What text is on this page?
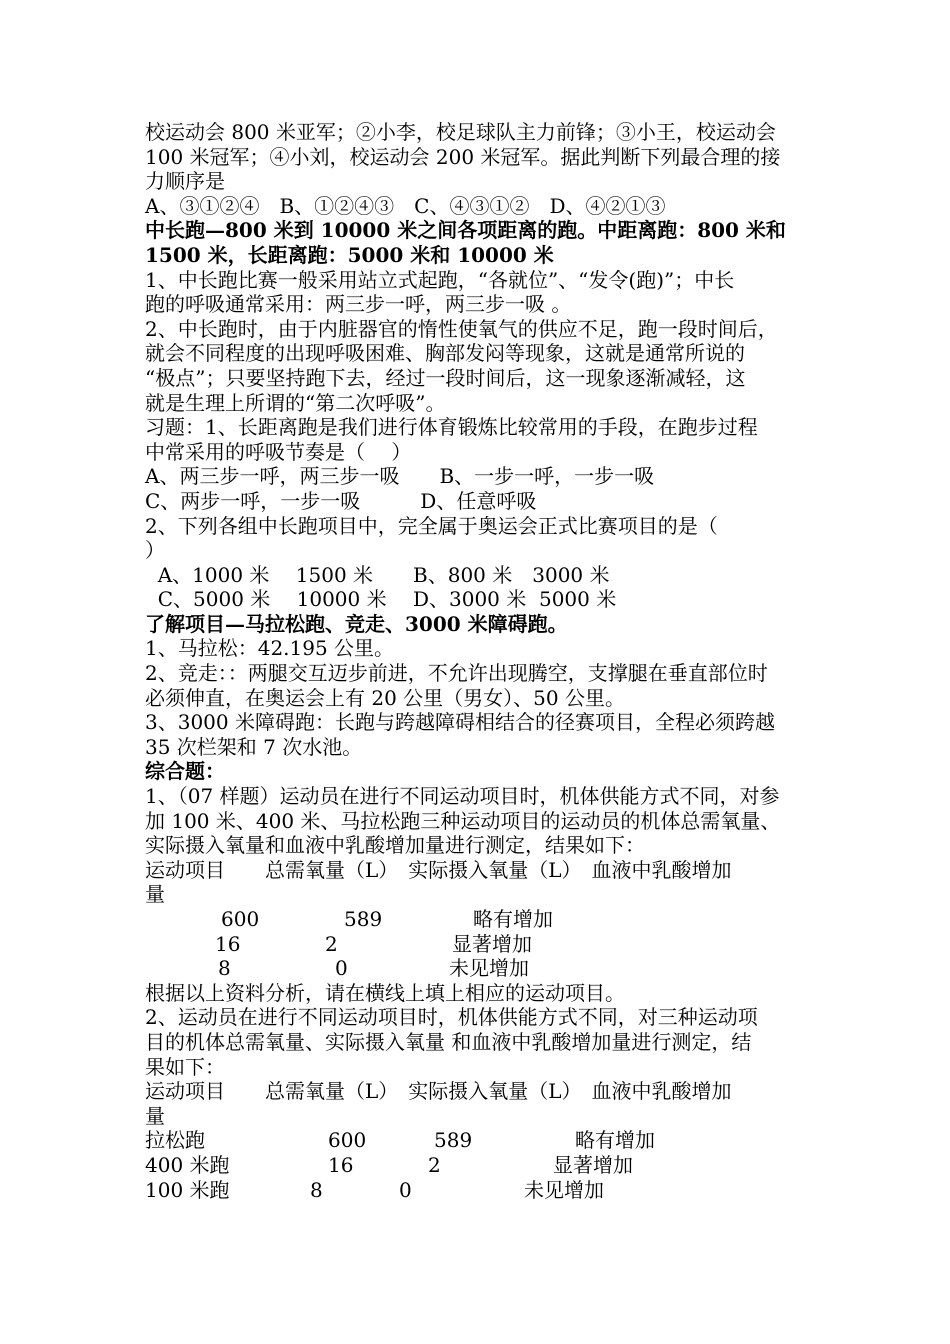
校运动会 800 米亚军；②小李，校足球队主力前锋；③小王，校运动会

100 米冠军；④小刘，校运动会 200 米冠军。据此判断下列最合理的接

力顺序是

A、③①②④　B、①②④③　C、④③①②　D、④②①③

中长跑—800 米到 10000 米之间各项距离的跑。中距离跑：800 米和

1500 米，长距离跑：5000 米和 10000 米

1、中长跑比赛一般采用站立式起跑，“各就位”、“发令(跑)”；中长

跑的呼吸通常采用：两三步一呼，两三步一吸 。

2、中长跑时，由于内脏器官的惰性使氧气的供应不足，跑一段时间后，

就会不同程度的出现呼吸困难、胸部发闷等现象，这就是通常所说的

“极点”；只要坚持跑下去，经过一段时间后，这一现象逐渐减轻，这

就是生理上所谓的“第二次呼吸”。

习题：1、长距离跑是我们进行体育锻炼比较常用的手段，在跑步过程

中常采用的呼吸节奏是（　 ）

A、两三步一呼，两三步一吸　　B、一步一呼，一步一吸

C、两步一呼，一步一吸　　　D、任意呼吸

2、下列各组中长跑项目中，完全属于奥运会正式比赛项目的是（

）

A、1000 米　 1500 米　　B、800 米　3000 米

C、5000 米　 10000 米　 D、3000 米  5000 米

了解项目—马拉松跑、竞走、3000 米障碍跑。

1、马拉松：42.195 公里。

2、竞走：：两腿交互迈步前进，不允许出现腾空，支撑腿在垂直部位时

必须伸直，在奥运会上有 20 公里（男女）、50 公里。

3、3000 米障碍跑：长跑与跨越障碍相结合的径赛项目，全程必须跨越

35 次栏架和 7 次水池。

综合题：

1、（07 样题）运动员在进行不同运动项目时，机体供能方式不同，对参

加 100 米、400 米、马拉松跑三种运动项目的运动员的机体总需氧量、

实际摄入氧量和血液中乳酸增加量进行测定，结果如下：

运动项目　　总需氧量（L）　实际摄入氧量（L）　血液中乳酸增加

量

600	589	略有增加
16	2	显著增加
8	0	未见增加

根据以上资料分析，请在横线上填上相应的运动项目。

2、运动员在进行不同运动项目时，机体供能方式不同，对三种运动项

目的机体总需氧量、实际摄入氧量 和血液中乳酸增加量进行测定，结

果如下：

运动项目　　总需氧量（L）　实际摄入氧量（L）　血液中乳酸增加

量

拉松跑	600	589	略有增加
400 米跑	16	2	显著增加
100 米跑	8	0	未见增加
